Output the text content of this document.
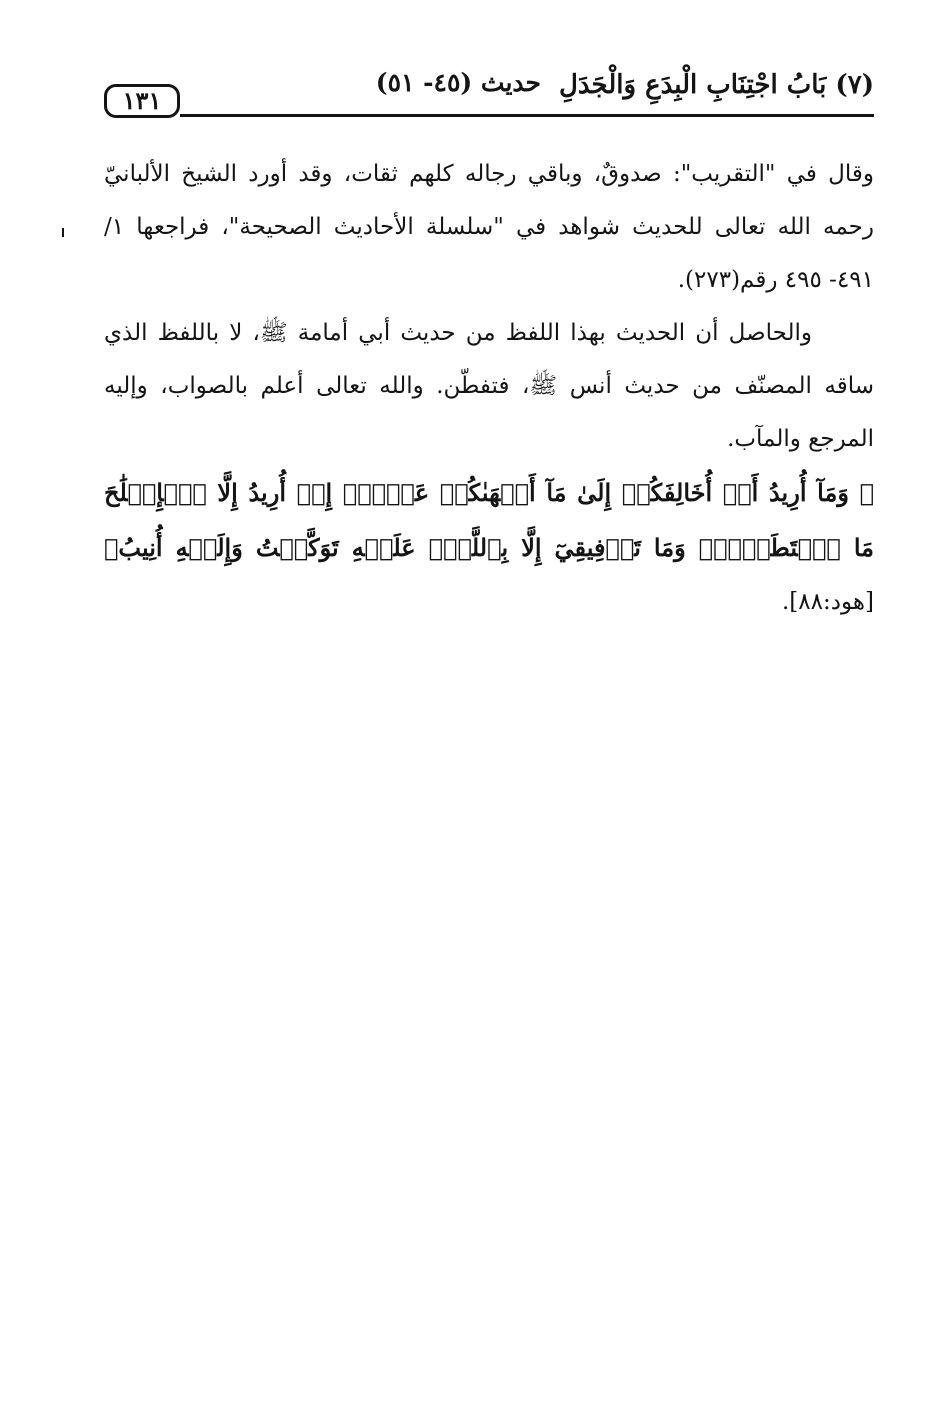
(٧) بَابُ اجْتِنَابِ الْبِدَعِ وَالْجَدَلِ
حديث (٤٥- ٥١)
١٣١

وقال في "التقريب": صدوقٌ، وباقي رجاله كلهم ثقات، وقد أورد الشيخ الألبانيّ رحمه الله تعالى للحديث شواهد في "سلسلة الأحاديث الصحيحة"، فراجعها ١/ ٤٩١- ٤٩٥ رقم(٢٧٣).

والحاصل أن الحديث بهذا اللفظ من حديث أبي أمامة ﷺ، لا باللفظ الذي ساقه المصنّف من حديث أنس ﷺ، فتفطّن. والله تعالى أعلم بالصواب، وإليه المرجع والمآب.

﴿ وَمَآ أُرِيدُ أَنۡ أُخَالِفَكُمۡ إِلَىٰ مَآ أَنۡهَىٰكُمۡ عَنۡهُۚ إِنۡ أُرِيدُ إِلَّا ٱلۡإِصۡلَٰحَ مَا ٱسۡتَطَعۡتُۚ وَمَا تَوۡفِيقِيٓ إِلَّا بِٱللَّهِۚ عَلَيۡهِ تَوَكَّلۡتُ وَإِلَيۡهِ أُنِيبُ﴾ [هود:٨٨].
